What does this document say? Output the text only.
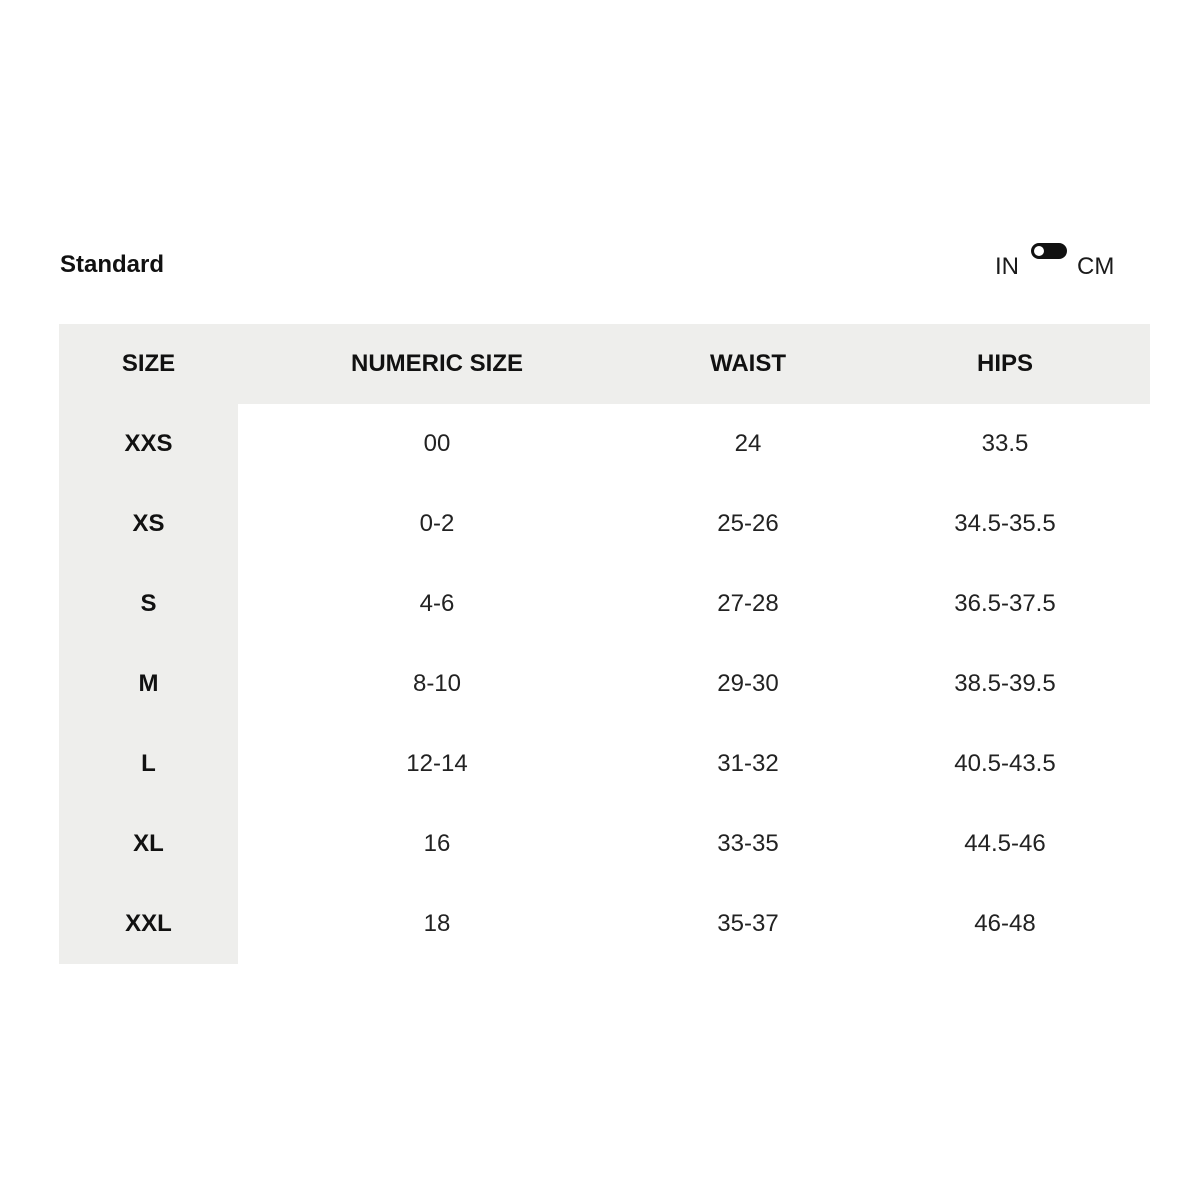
Standard	IN CM
SIZE	NUMERIC SIZE	WAIST	HIPS
XXS	00	24	33.5
XS	0-2	25-26	34.5-35.5
S	4-6	27-28	36.5-37.5
M	8-10	29-30	38.5-39.5
L	12-14	31-32	40.5-43.5
XL	16	33-35	44.5-46
XXL	18	35-37	46-48
